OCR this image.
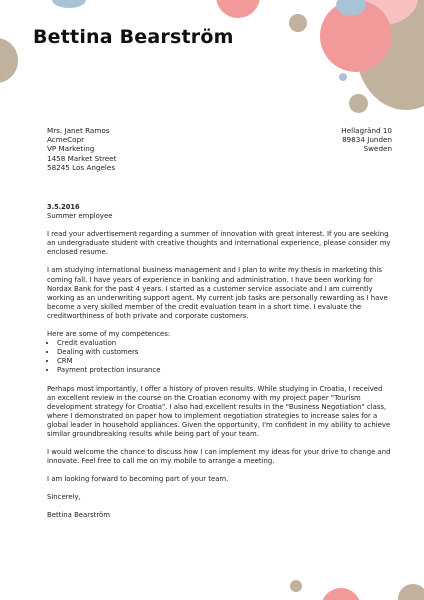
Bettina Bearström
Mrs. Janet Ramos
AcmeCopr
VP Marketing
1458 Market Street
58245 Los Angeles
Hellagränd 10
89834 Junden
Sweden
3.5.2016

Summer employee

I read your advertisement regarding a summer of innovation with great interest. If you are seeking an undergraduate student with creative thoughts and international experience, please consider my enclosed resume.

I am studying international business management and I plan to write my thesis in marketing this coming fall. I have years of experience in banking and administration. I have been working for Nordax Bank for the past 4 years. I started as a customer service associate and I am currently working as an underwriting support agent. My current job tasks are personally rewarding as I have become a very skilled member of the credit evaluation team in a short time. I evaluate the creditworthiness of both private and corporate customers.

Here are some of my competences:

• Credit evaluation
• Dealing with customers
• CRM
• Payment protection insurance

Perhaps most importantly, I offer a history of proven results. While studying in Croatia, I received an excellent review in the course on the Croatian economy with my project paper "Tourism development strategy for Croatia". I also had excellent results in the "Business Negotiation" class, where I demonstrated on paper how to implement negotiation strategies to increase sales for a global leader in household appliances. Given the opportunity, I'm confident in my ability to achieve similar groundbreaking results while being part of your team.

I would welcome the chance to discuss how I can implement my ideas for your drive to change and innovate. Feel free to call me on my mobile to arrange a meeting.

I am looking forward to becoming part of your team.

Sincerely,

Bettina Bearström
